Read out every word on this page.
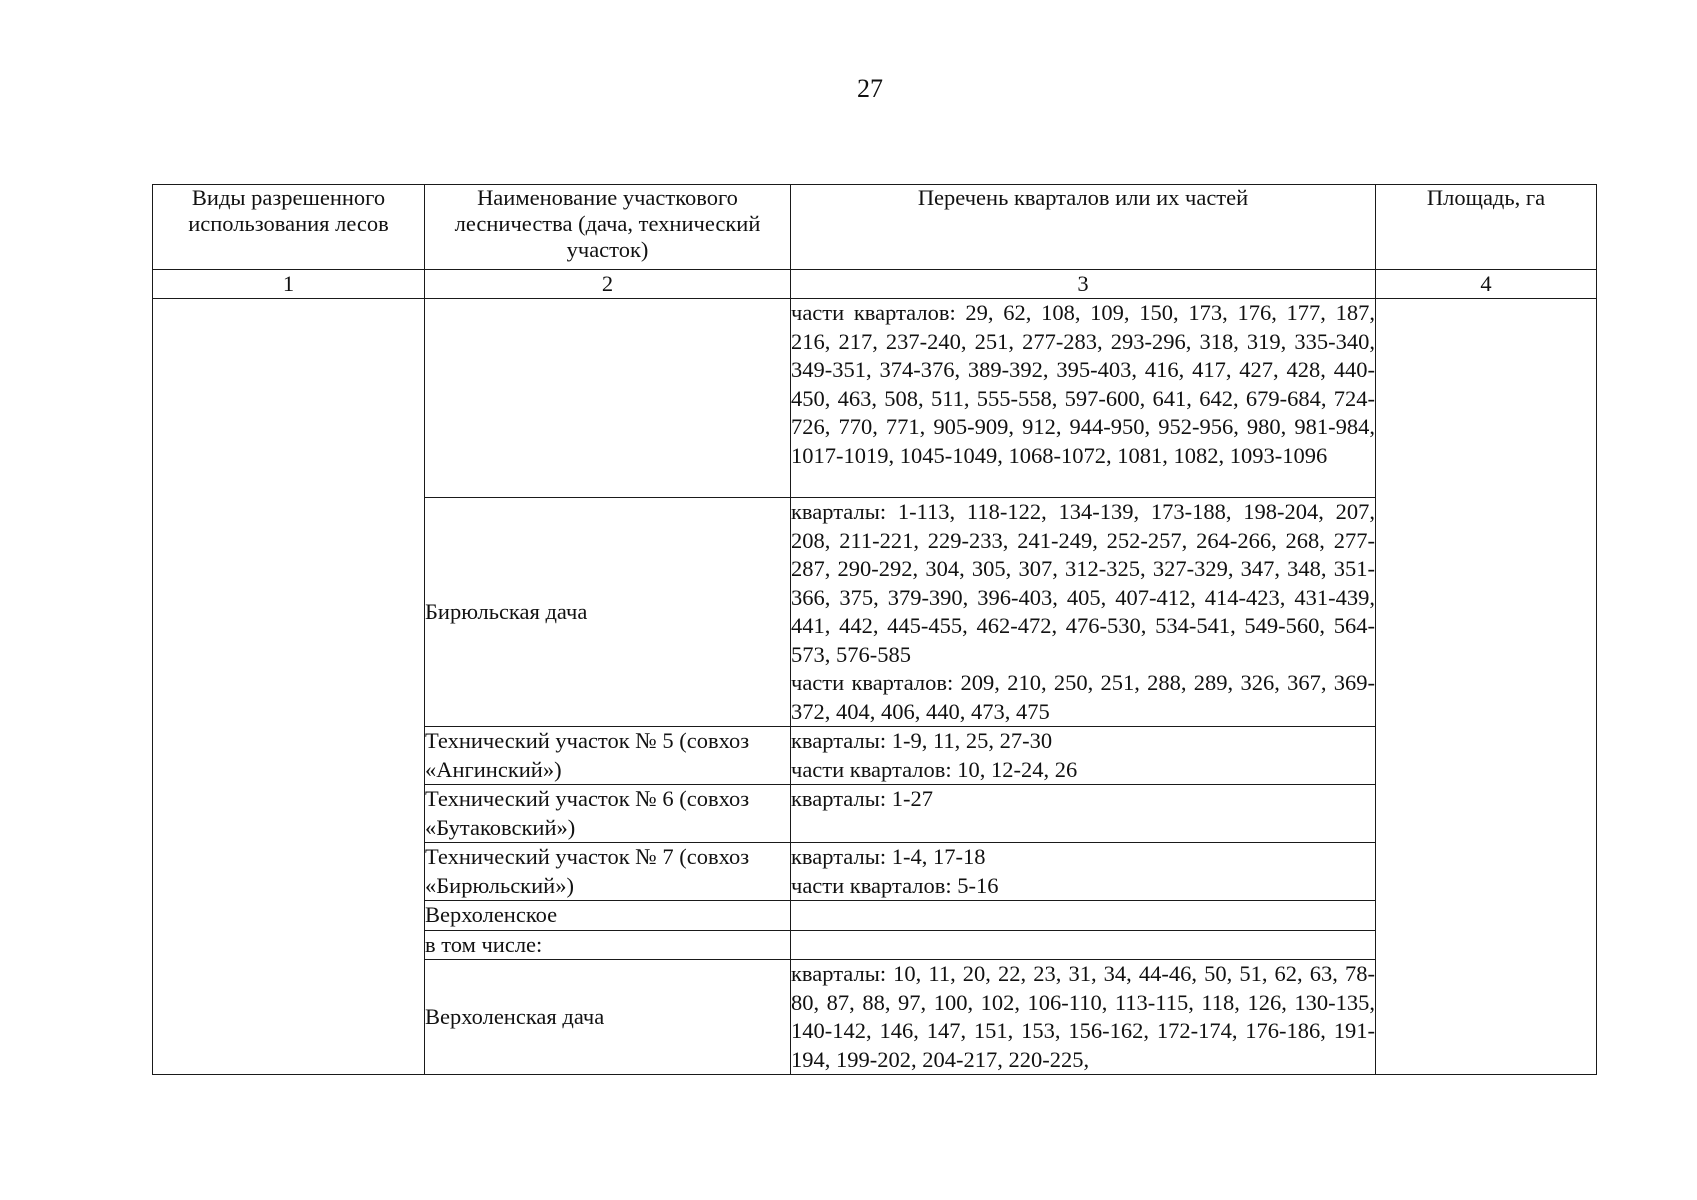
27
Виды разрешенного использования лесов	Наименование участкового лесничества (дача, технический участок)	Перечень кварталов или их частей	Площадь, га
1	2	3	4

		части кварталов: 29, 62, 108, 109, 150, 173, 176, 177, 187, 216, 217, 237-240, 251, 277-283, 293-296, 318, 319, 335-340, 349-351, 374-376, 389-392, 395-403, 416, 417, 427, 428, 440-450, 463, 508, 511, 555-558, 597-600, 641, 642, 679-684, 724-726, 770, 771, 905-909, 912, 944-950, 952-956, 980, 981-984, 1017-1019, 1045-1049, 1068-1072, 1081, 1082, 1093-1096	

	Бирюльская дача	кварталы: 1-113, 118-122, 134-139, 173-188, 198-204, 207, 208, 211-221, 229-233, 241-249, 252-257, 264-266, 268, 277-287, 290-292, 304, 305, 307, 312-325, 327-329, 347, 348, 351-366, 375, 379-390, 396-403, 405, 407-412, 414-423, 431-439, 441, 442, 445-455, 462-472, 476-530, 534-541, 549-560, 564-573, 576-585

части кварталов: 209, 210, 250, 251, 288, 289, 326, 367, 369-372, 404, 406, 440, 473, 475	

	Технический участок № 5 (совхоз «Ангинский»)	кварталы: 1-9, 11, 25, 27-30

части кварталов: 10, 12-24, 26	

	Технический участок № 6 (совхоз «Бутаковский»)	кварталы: 1-27	

	Технический участок № 7 (совхоз «Бирюльский»)	кварталы: 1-4, 17-18

части кварталов: 5-16	

	Верхоленское		
	в том числе:		
	Верхоленская дача	кварталы: 10, 11, 20, 22, 23, 31, 34, 44-46, 50, 51, 62, 63, 78-80, 87, 88, 97, 100, 102, 106-110, 113-115, 118, 126, 130-135, 140-142, 146, 147, 151, 153, 156-162, 172-174, 176-186, 191-194, 199-202, 204-217, 220-225,	
